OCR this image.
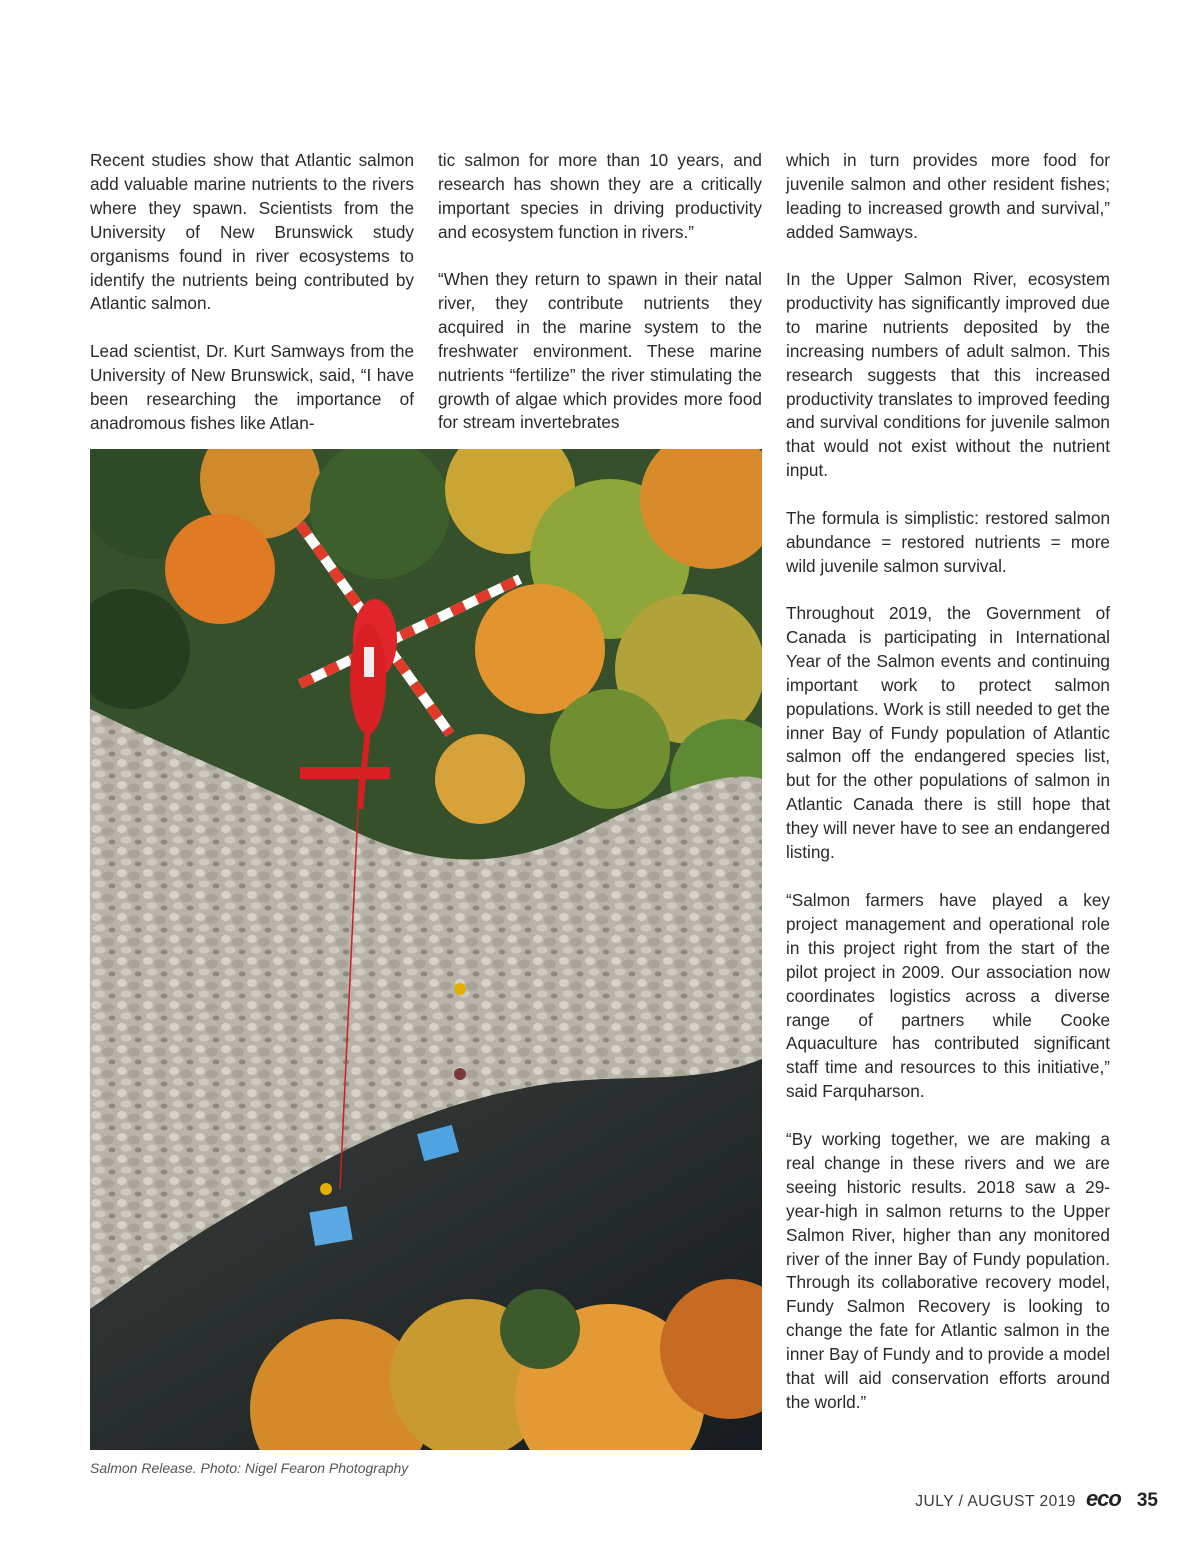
Recent studies show that Atlantic salmon add valuable marine nutrients to the rivers where they spawn. Scientists from the University of New Brunswick study organisms found in river ecosystems to identify the nutrients being contributed by Atlantic salmon.

Lead scientist, Dr. Kurt Samways from the University of New Brunswick, said, “I have been researching the importance of anadromous fishes like Atlan-

tic salmon for more than 10 years, and research has shown they are a critically important species in driving productivity and ecosystem function in rivers.”

“When they return to spawn in their natal river, they contribute nutrients they acquired in the marine system to the freshwater environment. These marine nutrients “fertilize” the river stimulating the growth of algae which provides more food for stream invertebrates

which in turn provides more food for juvenile salmon and other resident fishes; leading to increased growth and survival,” added Samways.

In the Upper Salmon River, ecosystem productivity has significantly improved due to marine nutrients deposited by the increasing numbers of adult salmon. This research suggests that this increased productivity translates to improved feeding and survival conditions for juvenile salmon that would not exist without the nutrient input.

The formula is simplistic: restored salmon abundance = restored nutrients = more wild juvenile salmon survival.

Throughout 2019, the Government of Canada is participating in International Year of the Salmon events and continuing important work to protect salmon populations. Work is still needed to get the inner Bay of Fundy population of Atlantic salmon off the endangered species list, but for the other populations of salmon in Atlantic Canada there is still hope that they will never have to see an endangered listing.

“Salmon farmers have played a key project management and operational role in this project right from the start of the pilot project in 2009. Our association now coordinates logistics across a diverse range of partners while Cooke Aquaculture has contributed significant staff time and resources to this initiative,” said Farquharson.

“By working together, we are making a real change in these rivers and we are seeing historic results. 2018 saw a 29-year-high in salmon returns to the Upper Salmon River, higher than any monitored river of the inner Bay of Fundy population. Through its collaborative recovery model, Fundy Salmon Recovery is looking to change the fate for Atlantic salmon in the inner Bay of Fundy and to provide a model that will aid conservation efforts around the world.”

Salmon Release. Photo: Nigel Fearon Photography
JULY / AUGUST 2019 eco 35
